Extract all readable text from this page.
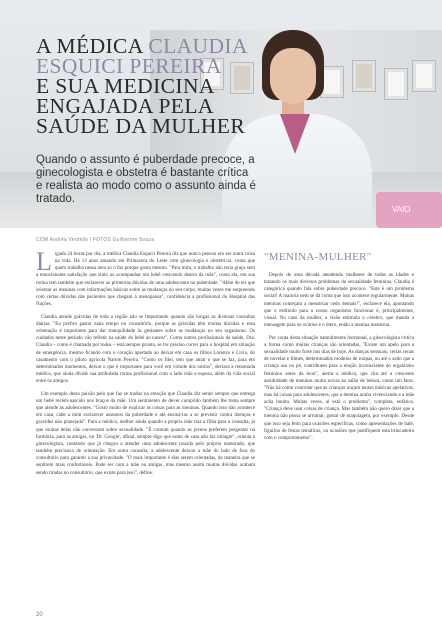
VAIO
A MÉDICA CLAUDIA
ESQUICI PEREIRA
E SUA MEDICINA
ENGAJADA PELA
SAÚDE DA MULHER

Quando o assunto é puberdade precoce, a ginecologista e obstetra é bastante crítica e realista ao modo como o assunto ainda é tratado.

COM Andréa Verdélio | FOTOS Guilherme Souza

Ligada 24 horas por dia, a médica Claudia Esquici Pereira diz que nunca pensou em ser outra coisa na vida. Há 13 anos atuando em Primavera do Leste com ginecologia e obstetrícia, conta que quem trabalha nessa área só o faz porque gosta mesmo. "Para mim, o trabalho não teria graça sem a emocionante satisfação que sinto ao acompanhar um bebê crescendo dentro da mãe", conta ela, em sua rotina tem também que esclarecer as primeiras dúvidas de uma adolescente na puberdade. "Além de ter que orientar as meninas com informações básicas sobre as mudanças no seu corpo, muitas vezes me surpreendo com certas dúvidas das pacientes que chegam à menopausa", confidencia a profissional do Hospital das Nações.

Claudia atende grávidas de toda a região não se importando quando são longas as diversas consultas diárias. "Eu prefiro gastar mais tempo no consultório, porque as grávidas têm muitas dúvidas e essa orientação é importante para dar tranquilidade às gestantes sobre as mudanças no seu organismo. Os cuidados neste período vão refletir na saúde do bebê ao nascer". Como outros profissionais da saúde, Dra. Claudia – como é chamada por todos – está sempre pronta, se for preciso correr para o hospital em situação de emergência, mesmo ficando com o coração apertado ao deixar em casa os filhos Lorenzo e Lívia, do casamento com o piloto agrícola Narton Pereira. "Como os filei, tem que amar o que se faz, para em determinados momentos, deixar o que é importante para você em virtude dos outros", declara a renomada médica, que ainda divide sua atribulada rotina profissional com o lado mãe e esposa, além da vida social entre os amigos.

Um exemplo desta paixão pelo que faz se traduz na emoção que Claudia diz sentir sempre que entrega um bebê recém-nascido nos braços da mãe. Um sentimento de dever cumprido também lhe toma sempre que atende às adolescentes. "Gosto muito de explicar as coisas para as meninas. Quando isso não acontece em casa, cabe a mim esclarecer assuntos da puberdade e até ensiná-las a se prevenir contra doenças e gravidez não planejada". Para a médica, melhor ainda quando a própria mãe traz a filha para a consulta, já que muitas delas não conversam sobre sexualidade. "É comum quando as jovens preferem perguntar na farmácia, para as amigas, no 'Dr. Google', afinal, sempre digo que santo de casa não faz milagre", orienta a ginecologista, contando que já chegou a atender uma adolescente trazida pelo próprio namorado, que também precisava de orientação. Em outra consulta, a adolescente deixou a mãe do lado de fora do consultório para garantir a sua privacidade. "O mais importante é elas serem orientadas, da maneira que se sentirem mais confortáveis. Pode ser com a mãe ou amigas, mas mesmo assim muitas dúvidas acabam sendo tiradas no consultório, que existe para isso", define.

"MENINA-MULHER"

Depois de uma década atendendo mulheres de todas as idades e tratando os mais diversos problemas da sexualidade feminina, Claudia é categórica quando fala sobre puberdade precoce. "Este é um problema social! A maioria nem se dá conta que isso acontece regularmente. Muitas meninas começam a menstruar cedo demais!", esclarece ela, apontando que o estímulo para o nosso organismo funcionar é, principalmente, visual. No caso da mulher, a visão estimula o cérebro, que manda a mensagem para os ovários e o útero, então a menina menstrua.

Por conta desta situação naturalmente hormonal, a ginecologista critica a forma como muitas crianças são orientadas, "Existe um apelo para a sexualidade muito forte nos dias de hoje. As danças sensuais, certas cenas de novelas e filmes, determinados modelos de roupas, ou até o salto que a criança usa no pé, contribuem para a reação inconsciente do organismo feminino antes da hora", alerta a médica, que cita até a crescente assiduidade de meninas muito novas ao salão de beleza, como um fator. "Não há como controlar que as crianças ouçam tantas músicas apelativas, mas há coisas para adolescentes, que a menina acaba vivenciando e a mãe acha bonito. Muitas vezes, aí está o problema", completa, enfática. "Criança deve usar coisas de criança. Mas também não quero dizer que a menina não possa se arrumar, gostar de maquiagem, por exemplo. Desde que isso seja feito para ocasiões específicas, como apresentações de balé, figurino de festas temáticas, ou ocasiões que justifiquem esta brincadeira com o comportamento".

20
